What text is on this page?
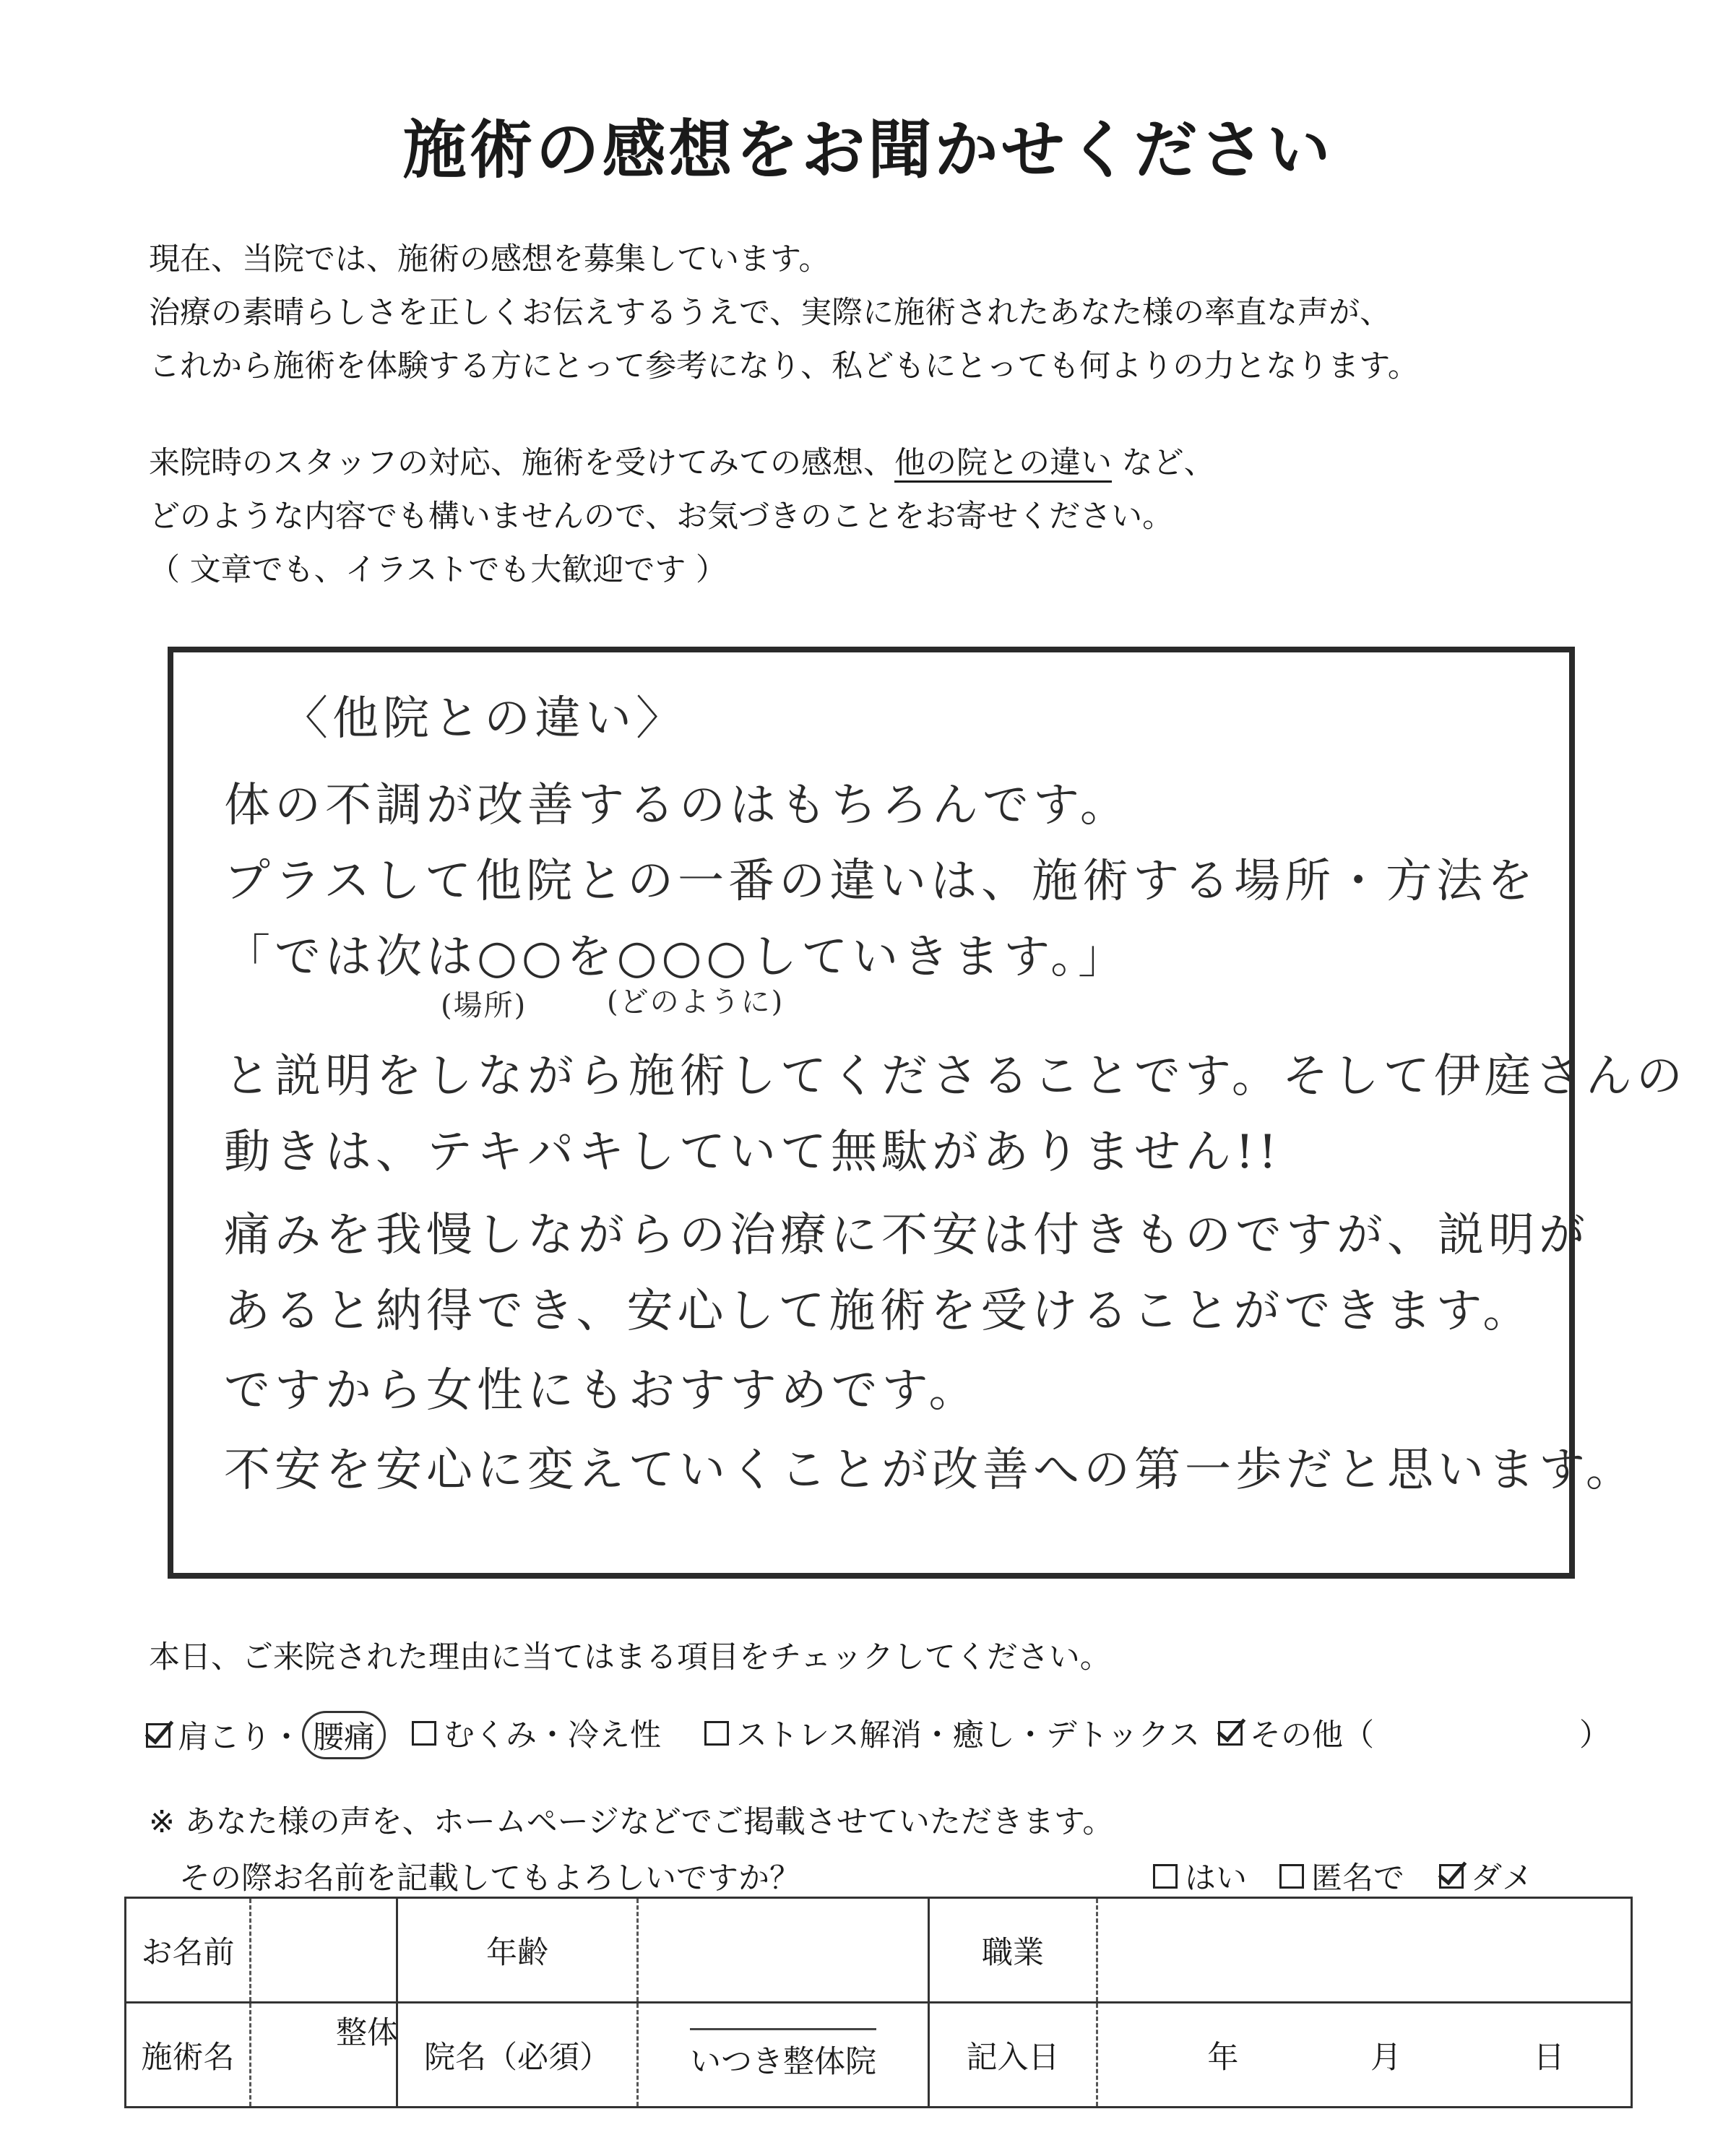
施術の感想をお聞かせください

現在、当院では、施術の感想を募集しています。

治療の素晴らしさを正しくお伝えするうえで、実際に施術されたあなた様の率直な声が、

これから施術を体験する方にとって参考になり、私どもにとっても何よりの力となります。

来院時のスタッフの対応、施術を受けてみての感想、他の院との違い など、

どのような内容でも構いませんので、お気づきのことをお寄せください。

（ 文章でも、イラストでも大歓迎です ）

〈他院との違い〉
体の不調が改善するのはもちろんです。
プラスして他院との一番の違いは、施術する場所・方法を
「では次は○○を○○○していきます。」
(場所)	(どのように)
と説明をしながら施術してくださることです。そして伊庭さんの
動きは、テキパキしていて無駄がありません!!
痛みを我慢しながらの治療に不安は付きものですが、説明が
あると納得でき、安心して施術を受けることができます。
ですから女性にもおすすめです。
不安を安心に変えていくことが改善への第一歩だと思います。
本日、ご来院された理由に当てはまる項目をチェックしてください。
肩こり・ 腰痛	むくみ・冷え性 ストレス解消・癒し・デトックス その他（	）
※ あなた様の声を、ホームページなどでご掲載させていただきます。
その際お名前を記載してもよろしいですか？	はい 匿名で ダメ
お名前		年齢		職業	
施術名	整体	院名（必須）	いつき整体院	記入日	年 月 日
